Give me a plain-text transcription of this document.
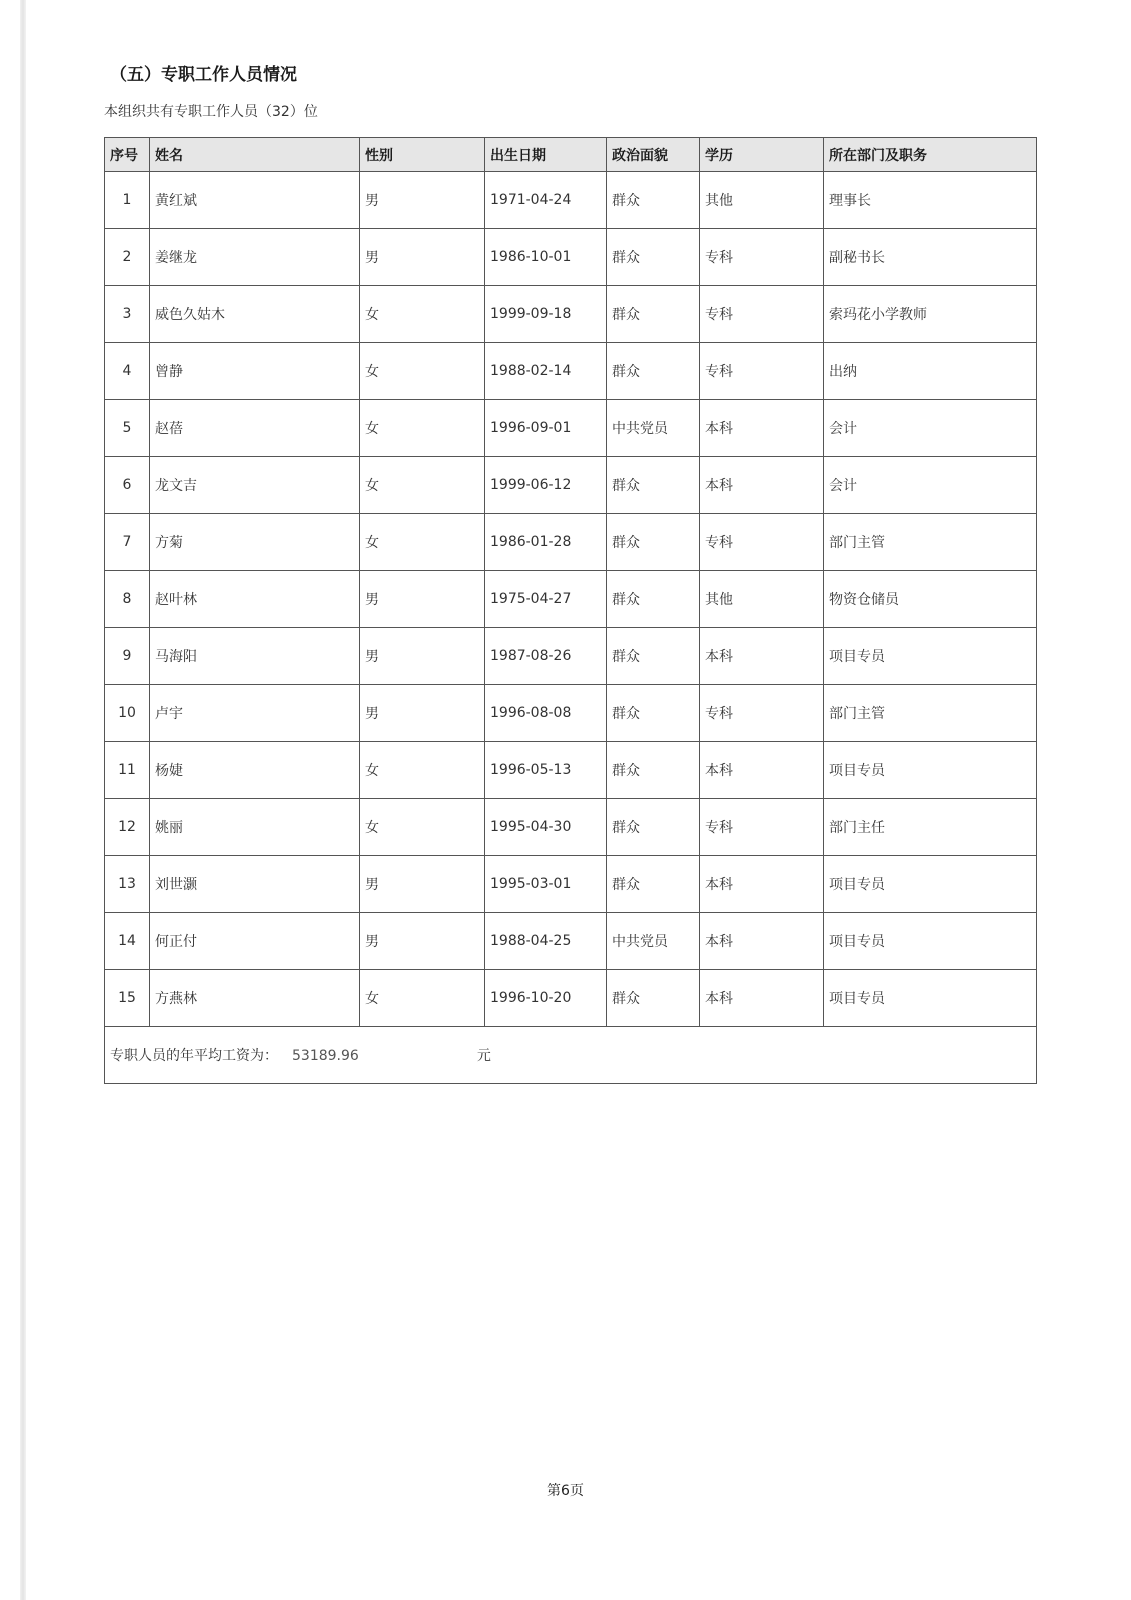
（五）专职工作人员情况
本组织共有专职工作人员（32）位
序号	姓名	性别	出生日期	政治面貌	学历	所在部门及职务
1	黄红斌	男	1971-04-24	群众	其他	理事长
2	姜继龙	男	1986-10-01	群众	专科	副秘书长
3	威色久姑木	女	1999-09-18	群众	专科	索玛花小学教师
4	曾静	女	1988-02-14	群众	专科	出纳
5	赵蓓	女	1996-09-01	中共党员	本科	会计
6	龙文吉	女	1999-06-12	群众	本科	会计
7	方菊	女	1986-01-28	群众	专科	部门主管
8	赵叶林	男	1975-04-27	群众	其他	物资仓储员
9	马海阳	男	1987-08-26	群众	本科	项目专员
10	卢宇	男	1996-08-08	群众	专科	部门主管
11	杨婕	女	1996-05-13	群众	本科	项目专员
12	姚丽	女	1995-04-30	群众	专科	部门主任
13	刘世灏	男	1995-03-01	群众	本科	项目专员
14	何正付	男	1988-04-25	中共党员	本科	项目专员
15	方燕林	女	1996-10-20	群众	本科	项目专员
专职人员的年平均工资为： 53189.96 元						
第6页
